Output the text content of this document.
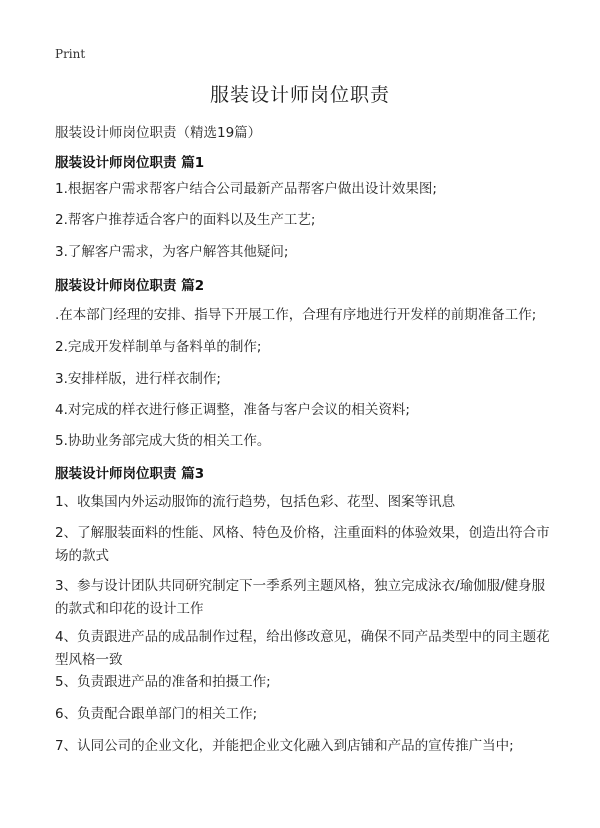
Print
服装设计师岗位职责
服装设计师岗位职责（精选19篇）
服装设计师岗位职责 篇1
1.根据客户需求帮客户结合公司最新产品帮客户做出设计效果图;
2.帮客户推荐适合客户的面料以及生产工艺;
3.了解客户需求，为客户解答其他疑问;
服装设计师岗位职责 篇2
.在本部门经理的安排、指导下开展工作，合理有序地进行开发样的前期准备工作;
2.完成开发样制单与备料单的制作;
3.安排样版，进行样衣制作;
4.对完成的样衣进行修正调整，准备与客户会议的相关资料;
5.协助业务部完成大货的相关工作。
服装设计师岗位职责 篇3
1、收集国内外运动服饰的流行趋势，包括色彩、花型、图案等讯息
2、了解服装面料的性能、风格、特色及价格，注重面料的体验效果，创造出符合市场的款式
3、参与设计团队共同研究制定下一季系列主题风格，独立完成泳衣/瑜伽服/健身服的款式和印花的设计工作
4、负责跟进产品的成品制作过程，给出修改意见，确保不同产品类型中的同主题花型风格一致
5、负责跟进产品的准备和拍摄工作;
6、负责配合跟单部门的相关工作;
7、认同公司的企业文化，并能把企业文化融入到店铺和产品的宣传推广当中;
